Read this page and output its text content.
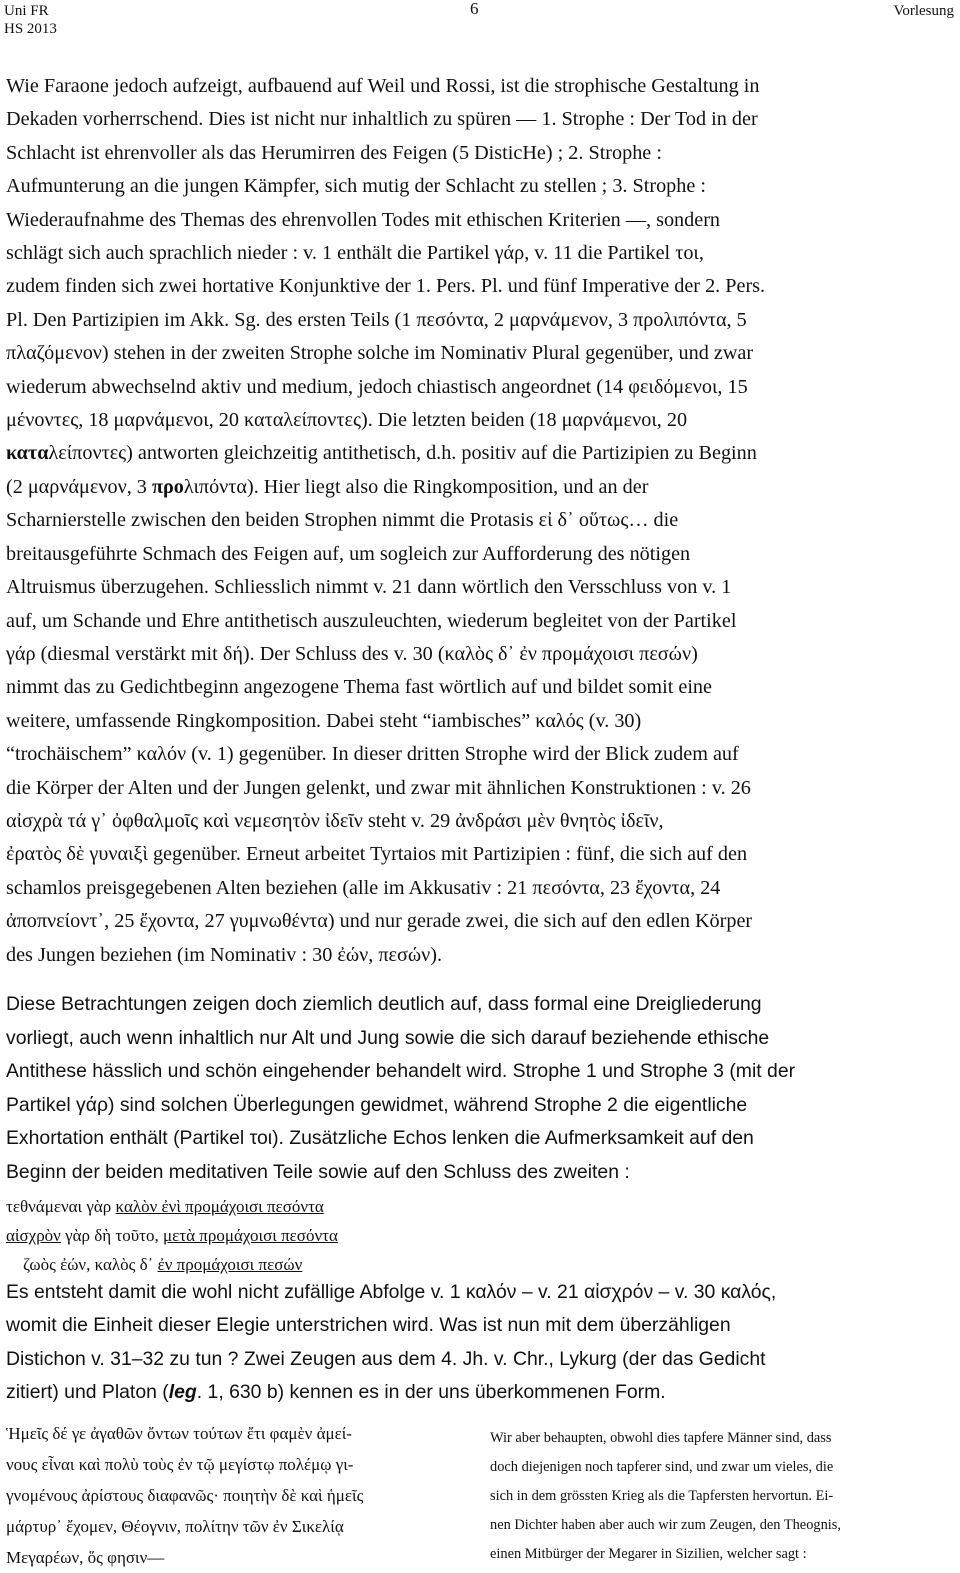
Uni FR
HS 2013
6	Vorlesung
Wie Faraone jedoch aufzeigt, aufbauend auf Weil und Rossi, ist die strophische Gestaltung in
Dekaden vorherrschend. Dies ist nicht nur inhaltlich zu spüren — 1. Strophe : Der Tod in der
Schlacht ist ehrenvoller als das Herumirren des Feigen (5 DisticHe) ; 2. Strophe :
Aufmunterung an die jungen Kämpfer, sich mutig der Schlacht zu stellen ; 3. Strophe :
Wiederaufnahme des Themas des ehrenvollen Todes mit ethischen Kriterien —, sondern
schlägt sich auch sprachlich nieder : v. 1 enthält die Partikel γάρ, v. 11 die Partikel τοι,
zudem finden sich zwei hortative Konjunktive der 1. Pers. Pl. und fünf Imperative der 2. Pers.
Pl. Den Partizipien im Akk. Sg. des ersten Teils (1 πεσόντα, 2 μαρνάμενον, 3 προλιπόντα, 5
πλαζόμενον) stehen in der zweiten Strophe solche im Nominativ Plural gegenüber, und zwar
wiederum abwechselnd aktiv und medium, jedoch chiastisch angeordnet (14 φειδόμενοι, 15
μένοντες, 18 μαρνάμενοι, 20 καταλείποντες). Die letzten beiden (18 μαρνάμενοι, 20
καταλείποντες) antworten gleichzeitig antithetisch, d.h. positiv auf die Partizipien zu Beginn
(2 μαρνάμενον, 3 προλιπόντα). Hier liegt also die Ringkomposition, und an der
Scharnierstelle zwischen den beiden Strophen nimmt die Protasis εἰ δ᾽ οὕτως… die
breitausgeführte Schmach des Feigen auf, um sogleich zur Aufforderung des nötigen
Altruismus überzugehen. Schliesslich nimmt v. 21 dann wörtlich den Versschluss von v. 1
auf, um Schande und Ehre antithetisch auszuleuchten, wiederum begleitet von der Partikel
γάρ (diesmal verstärkt mit δή). Der Schluss des v. 30 (καλὸς δ᾽ ἐν προμάχοισι πεσών)
nimmt das zu Gedichtbeginn angezogene Thema fast wörtlich auf und bildet somit eine
weitere, umfassende Ringkomposition. Dabei steht “iambisches” καλός (v. 30)
“trochäischem” καλόν (v. 1) gegenüber. In dieser dritten Strophe wird der Blick zudem auf
die Körper der Alten und der Jungen gelenkt, und zwar mit ähnlichen Konstruktionen : v. 26
αἰσχρὰ τά γ᾽ ὀφθαλμοῖς καὶ νεμεσητὸν ἰδεῖν steht v. 29 ἀνδράσι μὲν θνητὸς ἰδεῖν,
ἐρατὸς δὲ γυναιξὶ gegenüber. Erneut arbeitet Tyrtaios mit Partizipien : fünf, die sich auf den
schamlos preisgegebenen Alten beziehen (alle im Akkusativ : 21 πεσόντα, 23 ἔχοντα, 24
ἀποπνείοντ᾽, 25 ἔχοντα, 27 γυμνωθέντα) und nur gerade zwei, die sich auf den edlen Körper
des Jungen beziehen (im Nominativ : 30 ἐών, πεσών).
Diese Betrachtungen zeigen doch ziemlich deutlich auf, dass formal eine Dreigliederung
vorliegt, auch wenn inhaltlich nur Alt und Jung sowie die sich darauf beziehende ethische
Antithese hässlich und schön eingehender behandelt wird. Strophe 1 und Strophe 3 (mit der
Partikel γάρ) sind solchen Überlegungen gewidmet, während Strophe 2 die eigentliche
Exhortation enthält (Partikel τοι). Zusätzliche Echos lenken die Aufmerksamkeit auf den
Beginn der beiden meditativen Teile sowie auf den Schluss des zweiten :
τεθνάμεναι γὰρ καλὸν ἐνὶ προμάχοισι πεσόντα
αἰσχρὸν γὰρ δὴ τοῦτο, μετὰ προμάχοισι πεσόντα
ζωὸς ἐών, καλὸς δ᾽ ἐν προμάχοισι πεσών
Es entsteht damit die wohl nicht zufällige Abfolge v. 1 καλόν – v. 21 αἰσχρόν – v. 30 καλός,
womit die Einheit dieser Elegie unterstrichen wird. Was ist nun mit dem überzähligen
Distichon v. 31–32 zu tun ? Zwei Zeugen aus dem 4. Jh. v. Chr., Lykurg (der das Gedicht
zitiert) und Platon (leg. 1, 630 b) kennen es in der uns überkommenen Form.
Ἡμεῖς δέ γε ἀγαθῶν ὄντων τούτων ἔτι φαμὲν ἀμεί-
νους εἶναι καὶ πολὺ τοὺς ἐν τῷ μεγίστῳ πολέμῳ γι-
γνομένους ἀρίστους διαφανῶς· ποιητὴν δὲ καὶ ἡμεῖς
μάρτυρ᾽ ἔχομεν, Θέογνιν, πολίτην τῶν ἐν Σικελίᾳ
Μεγαρέων, ὅς φησιν—
Wir aber behaupten, obwohl dies tapfere Männer sind, dass
doch diejenigen noch tapferer sind, und zwar um vieles, die
sich in dem grössten Krieg als die Tapfersten hervortun. Ei-
nen Dichter haben aber auch wir zum Zeugen, den Theognis,
einen Mitbürger der Megarer in Sizilien, welcher sagt :
